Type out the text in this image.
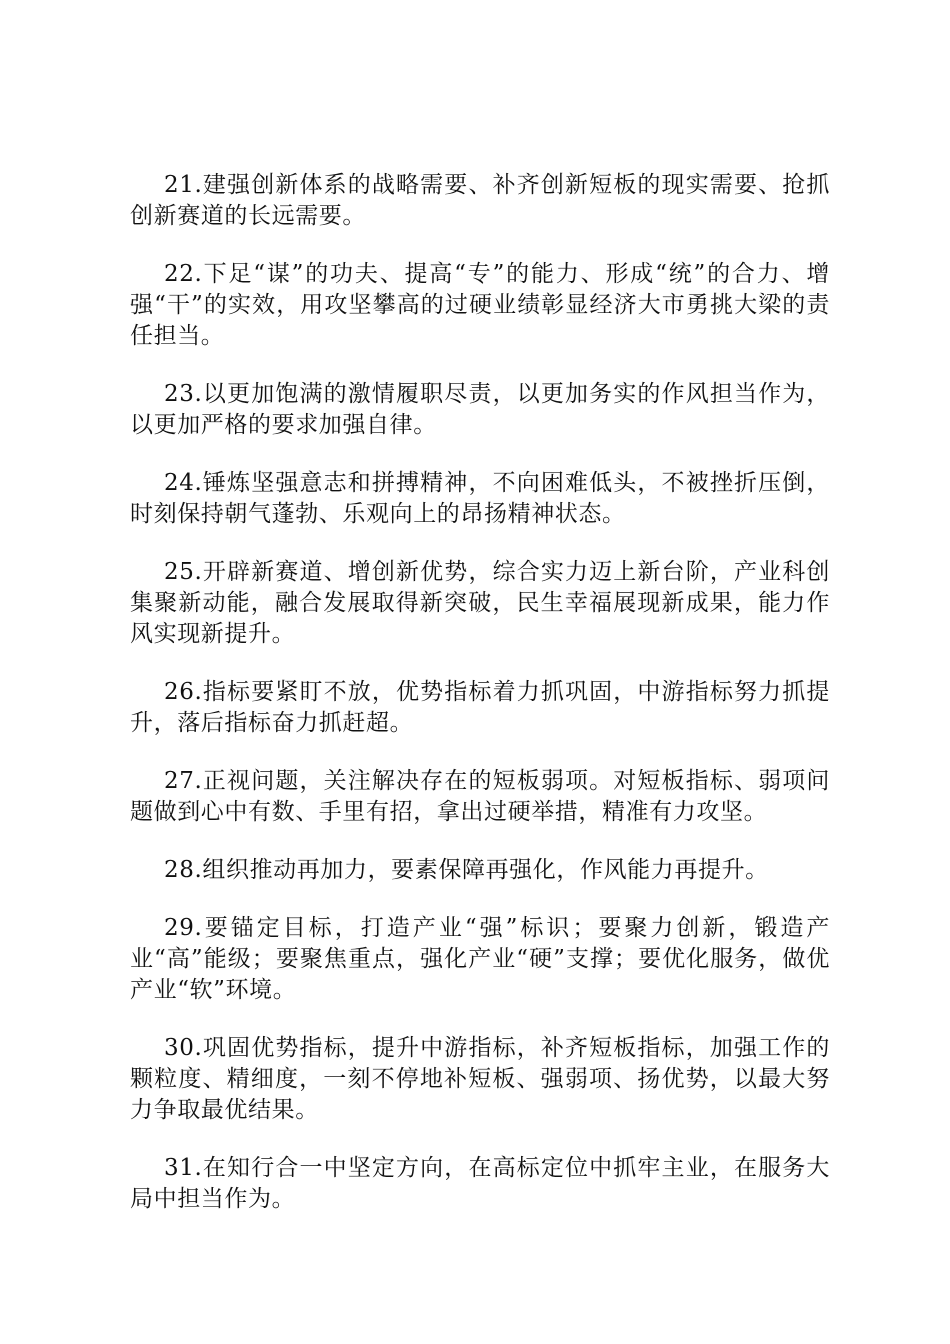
21.建强创新体系的战略需要、补齐创新短板的现实需要、抢抓创新赛道的长远需要。

22.下足“谋”的功夫、提高“专”的能力、形成“统”的合力、增强“干”的实效，用攻坚攀高的过硬业绩彰显经济大市勇挑大梁的责任担当。

23.以更加饱满的激情履职尽责，以更加务实的作风担当作为，以更加严格的要求加强自律。

24.锤炼坚强意志和拼搏精神，不向困难低头，不被挫折压倒，时刻保持朝气蓬勃、乐观向上的昂扬精神状态。

25.开辟新赛道、增创新优势，综合实力迈上新台阶，产业科创集聚新动能，融合发展取得新突破，民生幸福展现新成果，能力作风实现新提升。

26.指标要紧盯不放，优势指标着力抓巩固，中游指标努力抓提升，落后指标奋力抓赶超。

27.正视问题，关注解决存在的短板弱项。对短板指标、弱项问题做到心中有数、手里有招，拿出过硬举措，精准有力攻坚。

28.组织推动再加力，要素保障再强化，作风能力再提升。

29.要锚定目标，打造产业“强”标识；要聚力创新，锻造产业“高”能级；要聚焦重点，强化产业“硬”支撑；要优化服务，做优产业“软”环境。

30.巩固优势指标，提升中游指标，补齐短板指标，加强工作的颗粒度、精细度，一刻不停地补短板、强弱项、扬优势，以最大努力争取最优结果。

31.在知行合一中坚定方向，在高标定位中抓牢主业，在服务大局中担当作为。
